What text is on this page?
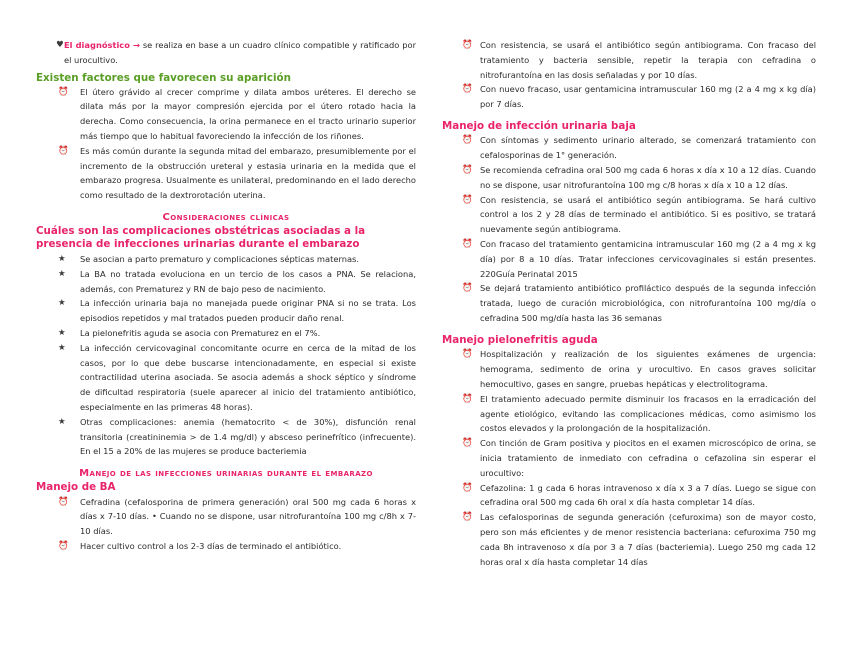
♥ El diagnóstico → se realiza en base a un cuadro clínico compatible y ratificado por el urocultivo.
Existen factores que favorecen su aparición
⏰ El útero grávido al crecer comprime y dilata ambos uréteres. El derecho se dilata más por la mayor compresión ejercida por el útero rotado hacia la derecha. Como consecuencia, la orina permanece en el tracto urinario superior más tiempo que lo habitual favoreciendo la infección de los riñones.
⏰ Es más común durante la segunda mitad del embarazo, presumiblemente por el incremento de la obstrucción ureteral y estasia urinaria en la medida que el embarazo progresa. Usualmente es unilateral, predominando en el lado derecho como resultado de la dextrorotación uterina.
Consideraciones clínicas
Cuáles son las complicaciones obstétricas asociadas a la presencia de infecciones urinarias durante el embarazo
★ Se asocian a parto prematuro y complicaciones sépticas maternas.
★ La BA no tratada evoluciona en un tercio de los casos a PNA. Se relaciona, además, con Prematurez y RN de bajo peso de nacimiento.
★ La infección urinaria baja no manejada puede originar PNA si no se trata. Los episodios repetidos y mal tratados pueden producir daño renal.
★ La pielonefritis aguda se asocia con Prematurez en el 7%.
★ La infección cervicovaginal concomitante ocurre en cerca de la mitad de los casos, por lo que debe buscarse intencionadamente, en especial si existe contractilidad uterina asociada. Se asocia además a shock séptico y síndrome de dificultad respiratoria (suele aparecer al inicio del tratamiento antibiótico, especialmente en las primeras 48 horas).
★ Otras complicaciones: anemia (hematocrito < de 30%), disfunción renal transitoria (creatininemia > de 1.4 mg/dl) y absceso perinefrítico (infrecuente). En el 15 a 20% de las mujeres se produce bacteriemia
Manejo de las infecciones urinarias durante el embarazo
Manejo de BA
⏰ Cefradina (cefalosporina de primera generación) oral 500 mg cada 6 horas x días x 7-10 días. • Cuando no se dispone, usar nitrofurantoína 100 mg c/8h x 7-10 días.
⏰ Hacer cultivo control a los 2-3 días de terminado el antibiótico.
⏰ Con resistencia, se usará el antibiótico según antibiograma. Con fracaso del tratamiento y bacteria sensible, repetir la terapia con cefradina o nitrofurantoína en las dosis señaladas y por 10 días.
⏰ Con nuevo fracaso, usar gentamicina intramuscular 160 mg (2 a 4 mg x kg día) por 7 días.
Manejo de infección urinaria baja
⏰ Con síntomas y sedimento urinario alterado, se comenzará tratamiento con cefalosporinas de 1° generación.
⏰ Se recomienda cefradina oral 500 mg cada 6 horas x día x 10 a 12 días. Cuando no se dispone, usar nitrofurantoína 100 mg c/8 horas x día x 10 a 12 días.
⏰ Con resistencia, se usará el antibiótico según antibiograma. Se hará cultivo control a los 2 y 28 días de terminado el antibiótico. Si es positivo, se tratará nuevamente según antibiograma.
⏰ Con fracaso del tratamiento gentamicina intramuscular 160 mg (2 a 4 mg x kg día) por 8 a 10 días. Tratar infecciones cervicovaginales si están presentes. 220Guía Perinatal 2015
⏰ Se dejará tratamiento antibiótico profiláctico después de la segunda infección tratada, luego de curación microbiológica, con nitrofurantoína 100 mg/día o cefradina 500 mg/día hasta las 36 semanas
Manejo pielonefritis aguda
⏰ Hospitalización y realización de los siguientes exámenes de urgencia: hemograma, sedimento de orina y urocultivo. En casos graves solicitar hemocultivo, gases en sangre, pruebas hepáticas y electrolitograma.
⏰ El tratamiento adecuado permite disminuir los fracasos en la erradicación del agente etiológico, evitando las complicaciones médicas, como asimismo los costos elevados y la prolongación de la hospitalización.
⏰ Con tinción de Gram positiva y piocitos en el examen microscópico de orina, se inicia tratamiento de inmediato con cefradina o cefazolina sin esperar el urocultivo:
⏰ Cefazolina: 1 g cada 6 horas intravenoso x día x 3 a 7 días. Luego se sigue con cefradina oral 500 mg cada 6h oral x día hasta completar 14 días.
⏰ Las cefalosporinas de segunda generación (cefuroxima) son de mayor costo, pero son más eficientes y de menor resistencia bacteriana: cefuroxima 750 mg cada 8h intravenoso x día por 3 a 7 días (bacteriemia). Luego 250 mg cada 12 horas oral x día hasta completar 14 días
